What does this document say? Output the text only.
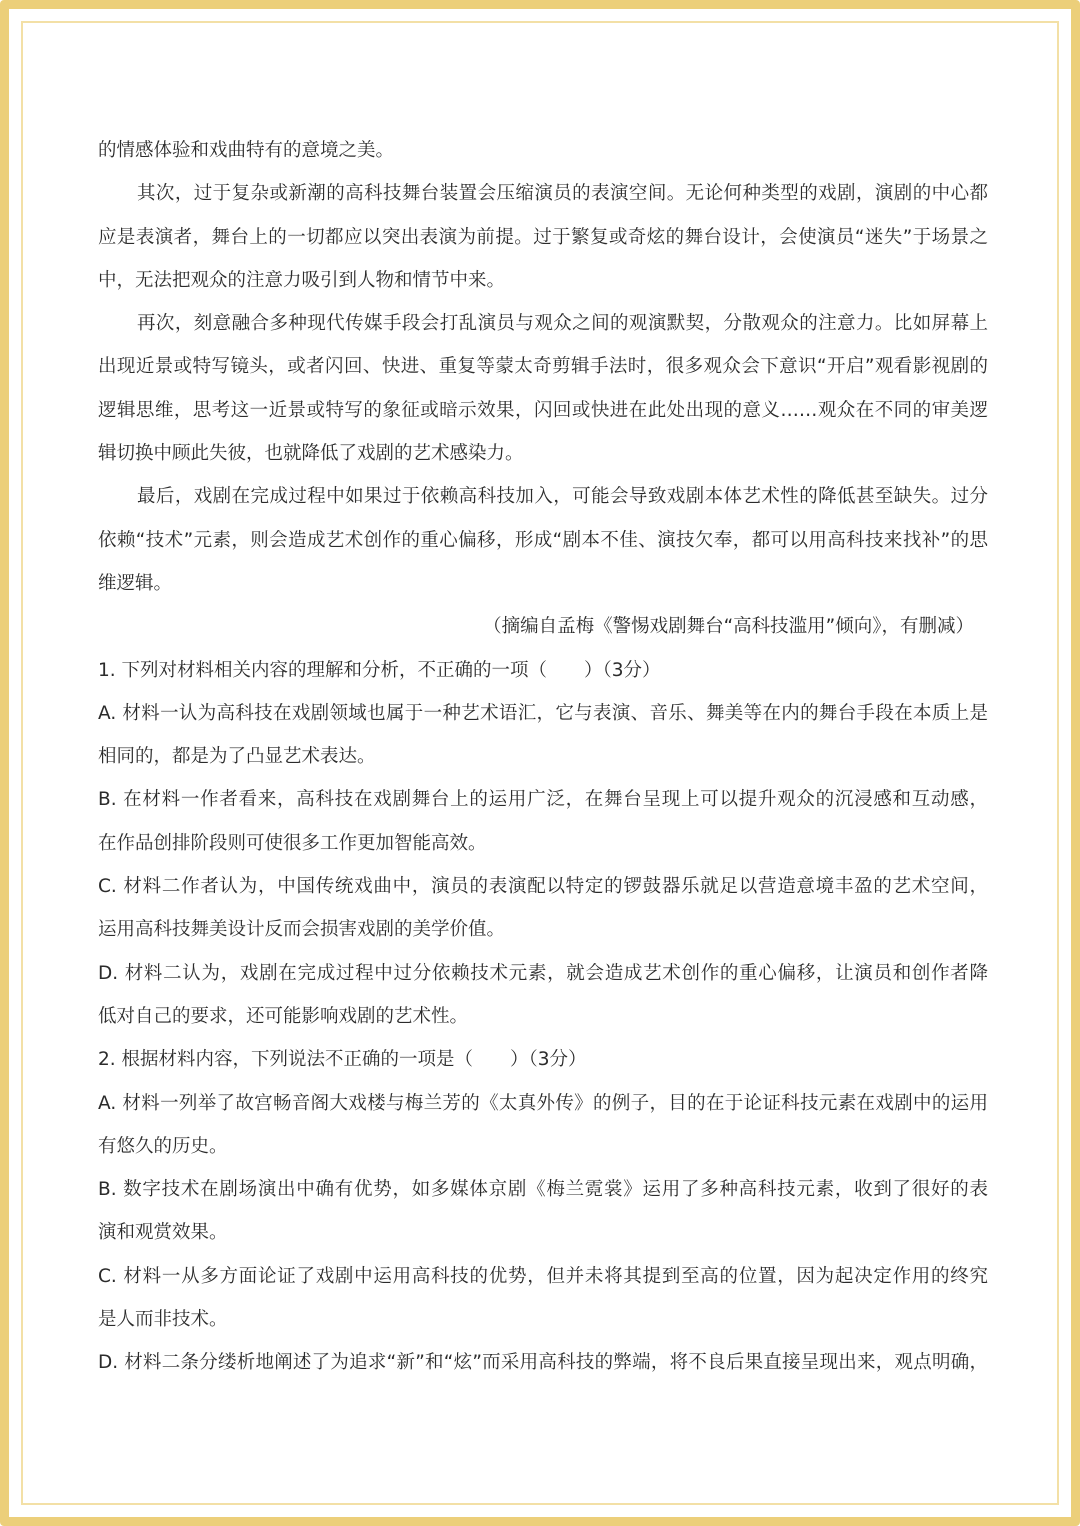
的情感体验和戏曲特有的意境之美。
其次，过于复杂或新潮的高科技舞台装置会压缩演员的表演空间。无论何种类型的戏剧，演剧的中心都
应是表演者，舞台上的一切都应以突出表演为前提。过于繁复或奇炫的舞台设计，会使演员“迷失”于场景之
中，无法把观众的注意力吸引到人物和情节中来。
再次，刻意融合多种现代传媒手段会打乱演员与观众之间的观演默契，分散观众的注意力。比如屏幕上
出现近景或特写镜头，或者闪回、快进、重复等蒙太奇剪辑手法时，很多观众会下意识“开启”观看影视剧的
逻辑思维，思考这一近景或特写的象征或暗示效果，闪回或快进在此处出现的意义……观众在不同的审美逻
辑切换中顾此失彼，也就降低了戏剧的艺术感染力。
最后，戏剧在完成过程中如果过于依赖高科技加入，可能会导致戏剧本体艺术性的降低甚至缺失。过分
依赖“技术”元素，则会造成艺术创作的重心偏移，形成“剧本不佳、演技欠奉，都可以用高科技来找补”的思
维逻辑。
（摘编自孟梅《警惕戏剧舞台“高科技滥用”倾向》，有删减）
1. 下列对材料相关内容的理解和分析，不正确的一项（　　）（3分）
A. 材料一认为高科技在戏剧领域也属于一种艺术语汇，它与表演、音乐、舞美等在内的舞台手段在本质上是
相同的，都是为了凸显艺术表达。
B. 在材料一作者看来，高科技在戏剧舞台上的运用广泛，在舞台呈现上可以提升观众的沉浸感和互动感，
在作品创排阶段则可使很多工作更加智能高效。
C. 材料二作者认为，中国传统戏曲中，演员的表演配以特定的锣鼓器乐就足以营造意境丰盈的艺术空间，
运用高科技舞美设计反而会损害戏剧的美学价值。
D. 材料二认为，戏剧在完成过程中过分依赖技术元素，就会造成艺术创作的重心偏移，让演员和创作者降
低对自己的要求，还可能影响戏剧的艺术性。
2. 根据材料内容，下列说法不正确的一项是（　　）（3分）
A. 材料一列举了故宫畅音阁大戏楼与梅兰芳的《太真外传》的例子，目的在于论证科技元素在戏剧中的运用
有悠久的历史。
B. 数字技术在剧场演出中确有优势，如多媒体京剧《梅兰霓裳》运用了多种高科技元素，收到了很好的表
演和观赏效果。
C. 材料一从多方面论证了戏剧中运用高科技的优势，但并未将其提到至高的位置，因为起决定作用的终究
是人而非技术。
D. 材料二条分缕析地阐述了为追求“新”和“炫”而采用高科技的弊端，将不良后果直接呈现出来，观点明确，
